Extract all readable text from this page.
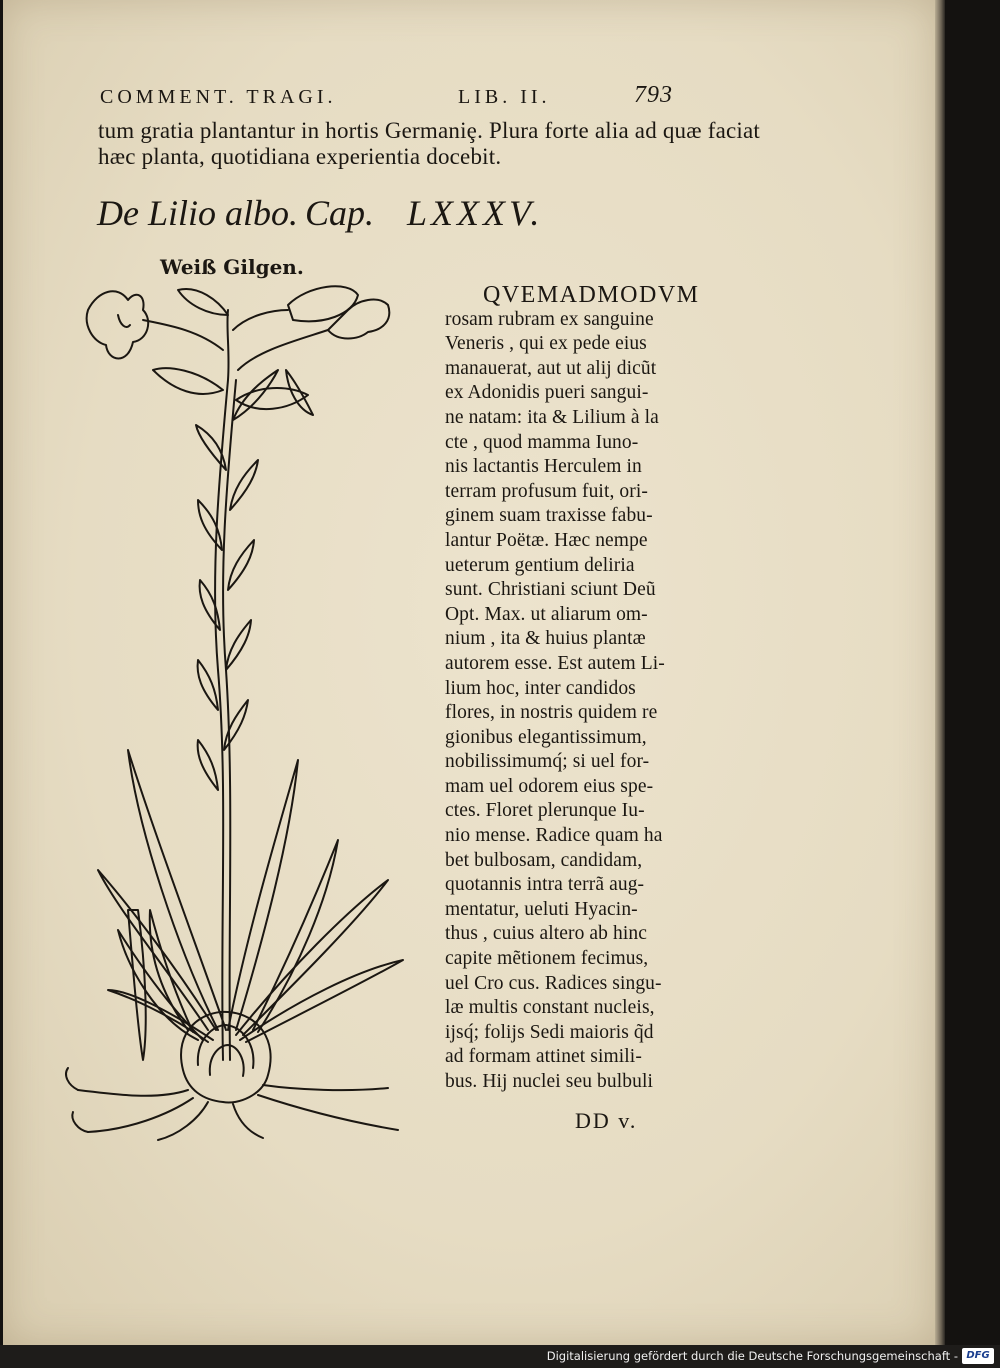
COMMENT. TRAGI.	LIB. II.	793
tum gratia plantantur in hortis Germaniȩ. Plura forte alia ad quæ faciat
hæc planta, quotidiana experientia docebit.
De Lilio albo. Cap. LXXXV.
Weiß Gilgen.
QVEMADMODVM
rosam rubram ex sanguine
Veneris , qui ex pede eius
manauerat, aut ut alij dicũt
ex Adonidis pueri sangui-
ne natam: ita & Lilium à la
cte , quod mamma Iuno-
nis lactantis Herculem in
terram profusum fuit, ori-
ginem suam traxisse fabu-
lantur Poëtæ. Hæc nempe
ueterum gentium deliria
sunt. Christiani sciunt Deũ
Opt. Max. ut aliarum om-
nium , ita & huius plantæ
autorem esse. Est autem Li-
lium hoc, inter candidos
flores, in nostris quidem re
gionibus elegantissimum,
nobilissimumq́; si uel for-
mam uel odorem eius spe-
ctes. Floret plerunque Iu-
nio mense. Radice quam ha
bet bulbosam, candidam,
quotannis intra terrã aug-
mentatur, ueluti Hyacin-
thus , cuius altero ab hinc
capite mẽtionem fecimus,
uel Cro cus. Radices singu-
læ multis constant nucleis,
ijsq́; folijs Sedi maioris q̃d
ad formam attinet simili-
bus. Hij nuclei seu bulbuli
DD v.
Digitalisierung gefördert durch die Deutsche Forschungsgemeinschaft - DFG
